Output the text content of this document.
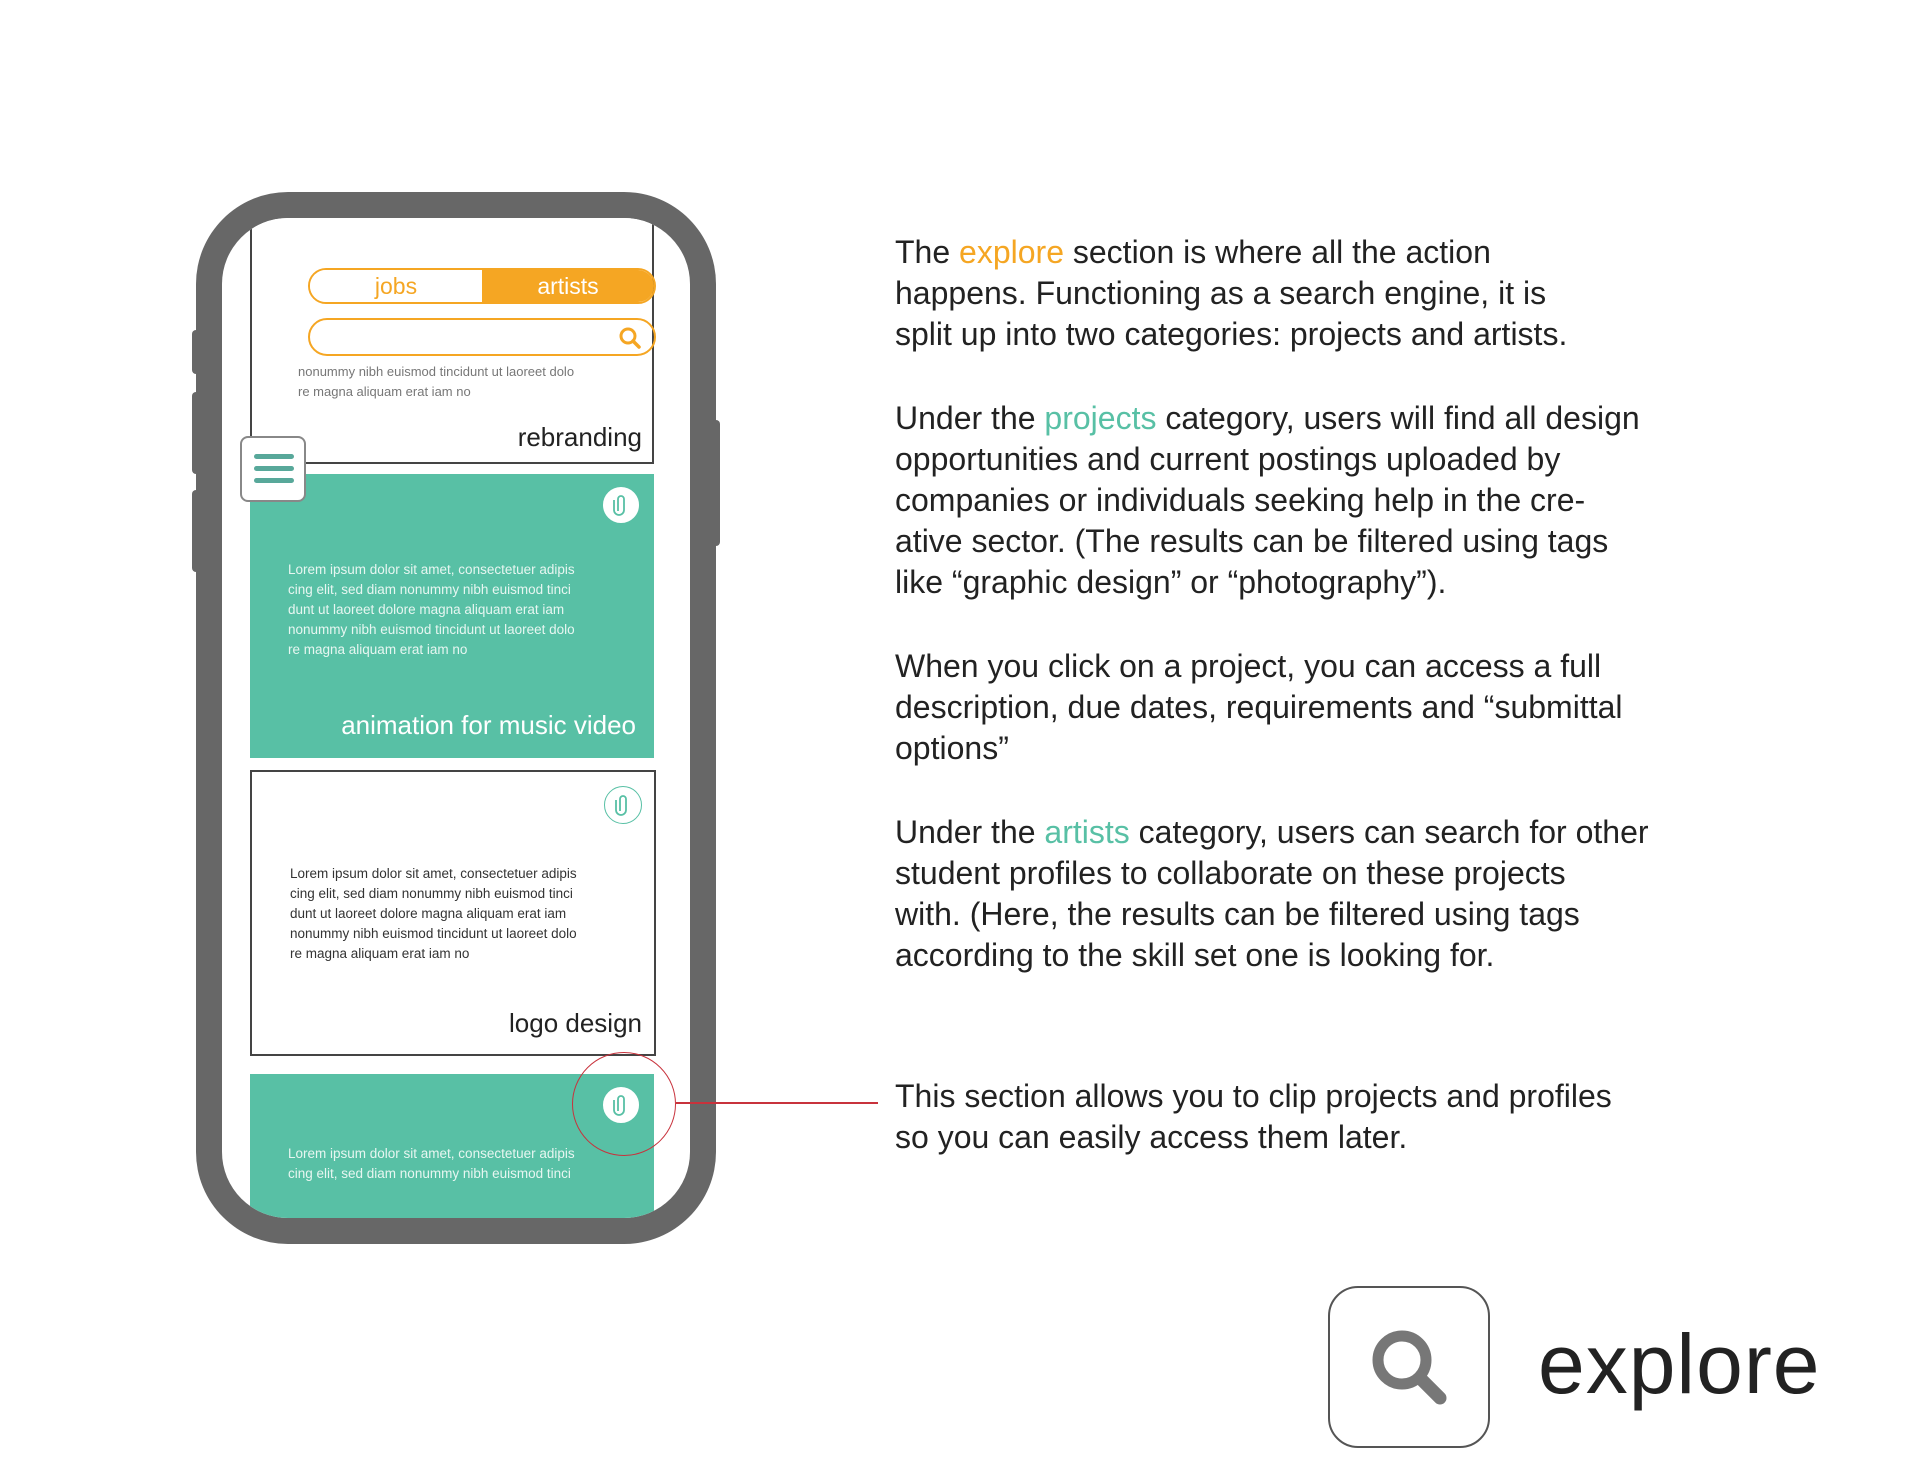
jobs	artists
nonummy nibh euismod tincidunt ut laoreet dolo
re magna aliquam erat iam no
rebranding
Lorem ipsum dolor sit amet, consectetuer adipis
cing elit, sed diam nonummy nibh euismod tinci
dunt ut laoreet dolore magna aliquam erat iam
nonummy nibh euismod tincidunt ut laoreet dolo
re magna aliquam erat iam no
animation for music video
Lorem ipsum dolor sit amet, consectetuer adipis
cing elit, sed diam nonummy nibh euismod tinci
dunt ut laoreet dolore magna aliquam erat iam
nonummy nibh euismod tincidunt ut laoreet dolo
re magna aliquam erat iam no
logo design
Lorem ipsum dolor sit amet, consectetuer adipis
cing elit, sed diam nonummy nibh euismod tinci
The explore section is where all the action
happens. Functioning as a search engine, it is
split up into two categories: projects and artists.
Under the projects category, users will find all design
opportunities and current postings uploaded by
companies or individuals seeking help in the cre-
ative sector. (The results can be filtered using tags
like “graphic design” or “photography”).
When you click on a project, you can access a full
description, due dates, requirements and “submittal
options”
Under the artists category, users can search for other
student profiles to collaborate on these projects
with. (Here, the results can be filtered using tags
according to the skill set one is looking for.
This section allows you to clip projects and profiles
so you can easily access them later.
explore
